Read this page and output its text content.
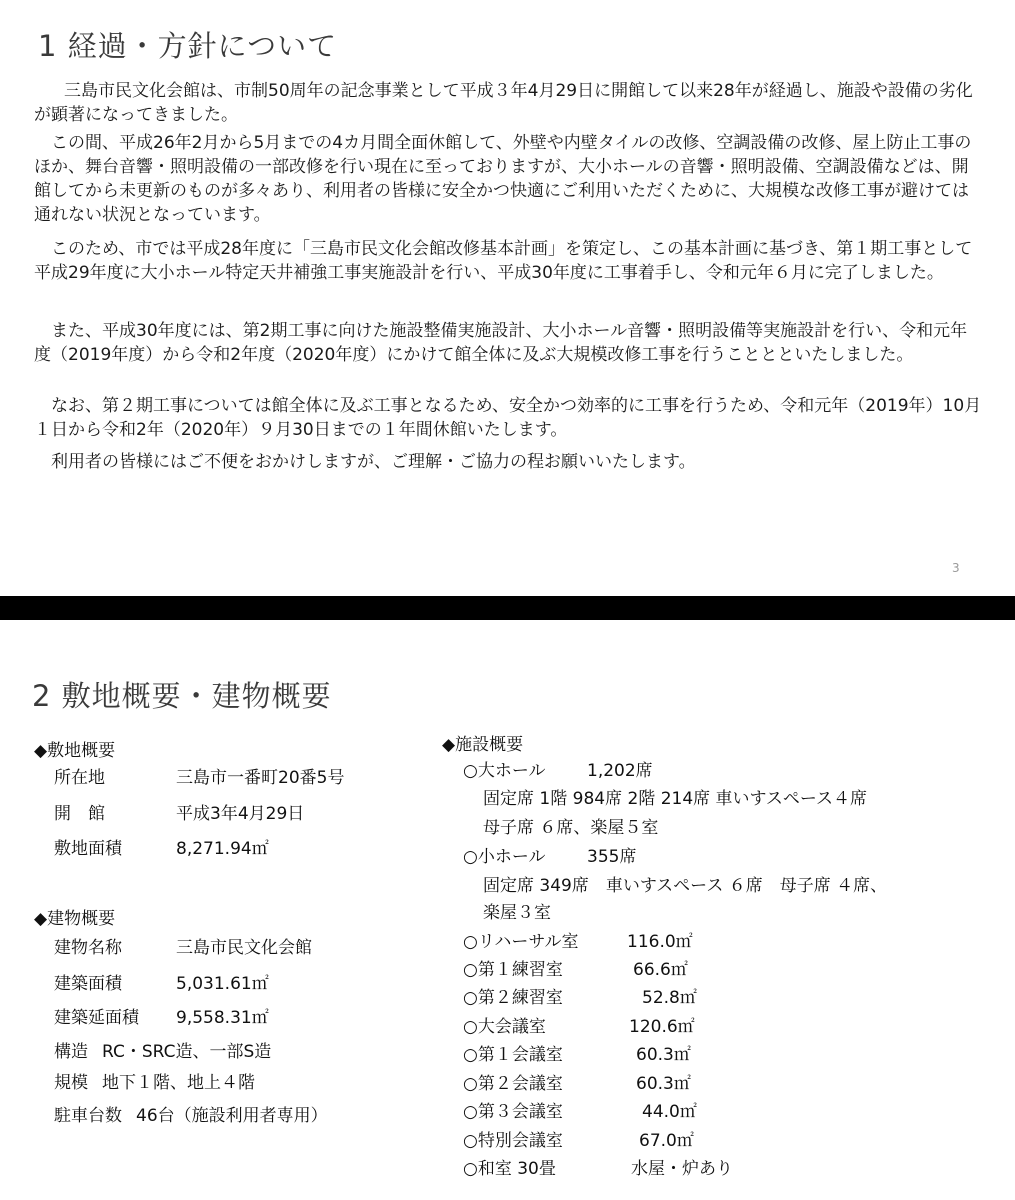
1 経過・方針について

三島市民文化会館は、市制50周年の記念事業として平成３年4月29日に開館して以来28年が経過し、施設や設備の劣化が顕著になってきました。

この間、平成26年2月から5月までの4カ月間全面休館して、外壁や内壁タイルの改修、空調設備の改修、屋上防止工事のほか、舞台音響・照明設備の一部改修を行い現在に至っておりますが、大小ホールの音響・照明設備、空調設備などは、開館してから未更新のものが多々あり、利用者の皆様に安全かつ快適にご利用いただくために、大規模な改修工事が避けては通れない状況となっています。

このため、市では平成28年度に「三島市民文化会館改修基本計画」を策定し、この基本計画に基づき、第１期工事として平成29年度に大小ホール特定天井補強工事実施設計を行い、平成30年度に工事着手し、令和元年６月に完了しました。

また、平成30年度には、第2期工事に向けた施設整備実施設計、大小ホール音響・照明設備等実施設計を行い、令和元年度（2019年度）から令和2年度（2020年度）にかけて館全体に及ぶ大規模改修工事を行うこととといたしました。

なお、第２期工事については館全体に及ぶ工事となるため、安全かつ効率的に工事を行うため、令和元年（2019年）10月１日から令和2年（2020年）９月30日までの１年間休館いたします。

利用者の皆様にはご不便をおかけしますが、ご理解・ご協力の程お願いいたします。

3
2 敷地概要・建物概要
◆敷地概要
所在地	三島市一番町20番5号
開　館	平成3年4月29日
敷地面積	8,271.94㎡
◆建物概要
建物名称	三島市民文化会館
建築面積	5,031.61㎡
建築延面積 9,558.31㎡
構造 RC・SRC造、一部S造
規模 地下１階、地上４階
駐車台数 46台（施設利用者専用）
◆施設概要
○大ホール 1,202席
固定席 1階 984席 2階 214席 車いすスペース４席
母子席 ６席、楽屋５室
○小ホール 355席
固定席 349席　車いすスペース ６席　母子席 ４席、
楽屋３室
○リハーサル室	116.0㎡
○第１練習室	66.6㎡
○第２練習室	52.8㎡
○大会議室	120.6㎡
○第１会議室	60.3㎡
○第２会議室	60.3㎡
○第３会議室	44.0㎡
○特別会議室	67.0㎡
○和室 30畳	水屋・炉あり
